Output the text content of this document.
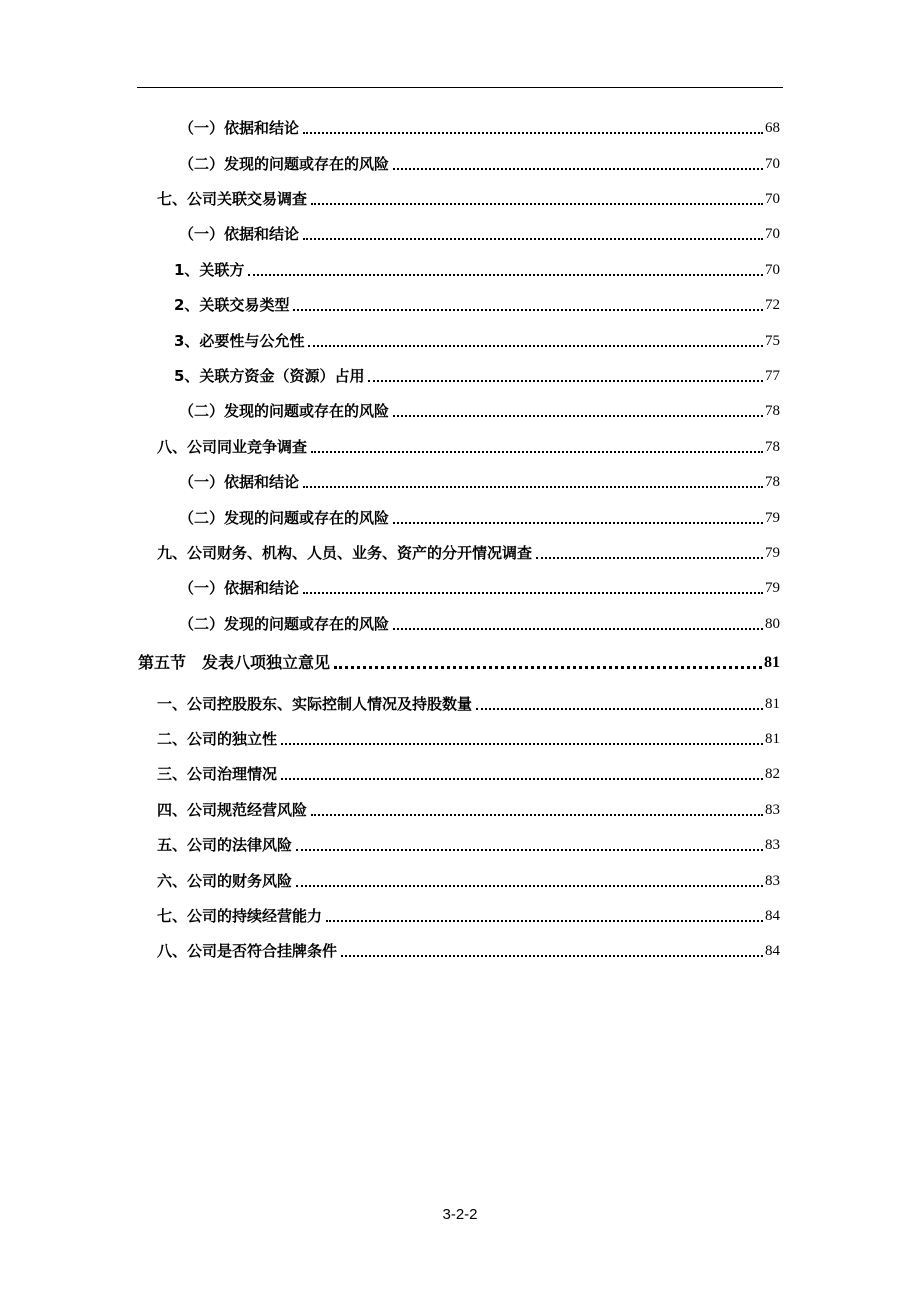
（一）依据和结论	68
（二）发现的问题或存在的风险	70
七、公司关联交易调查	70
（一）依据和结论	70
1、关联方	70
2、关联交易类型	72
3、必要性与公允性	75
5、关联方资金（资源）占用	77
（二）发现的问题或存在的风险	78
八、公司同业竞争调查	78
（一）依据和结论	78
（二）发现的问题或存在的风险	79
九、公司财务、机构、人员、业务、资产的分开情况调查	79
（一）依据和结论	79
（二）发现的问题或存在的风险	80
第五节　发表八项独立意见	81
一、公司控股股东、实际控制人情况及持股数量	81
二、公司的独立性	81
三、公司治理情况	82
四、公司规范经营风险	83
五、公司的法律风险	83
六、公司的财务风险	83
七、公司的持续经营能力	84
八、公司是否符合挂牌条件	84
3-2-2
